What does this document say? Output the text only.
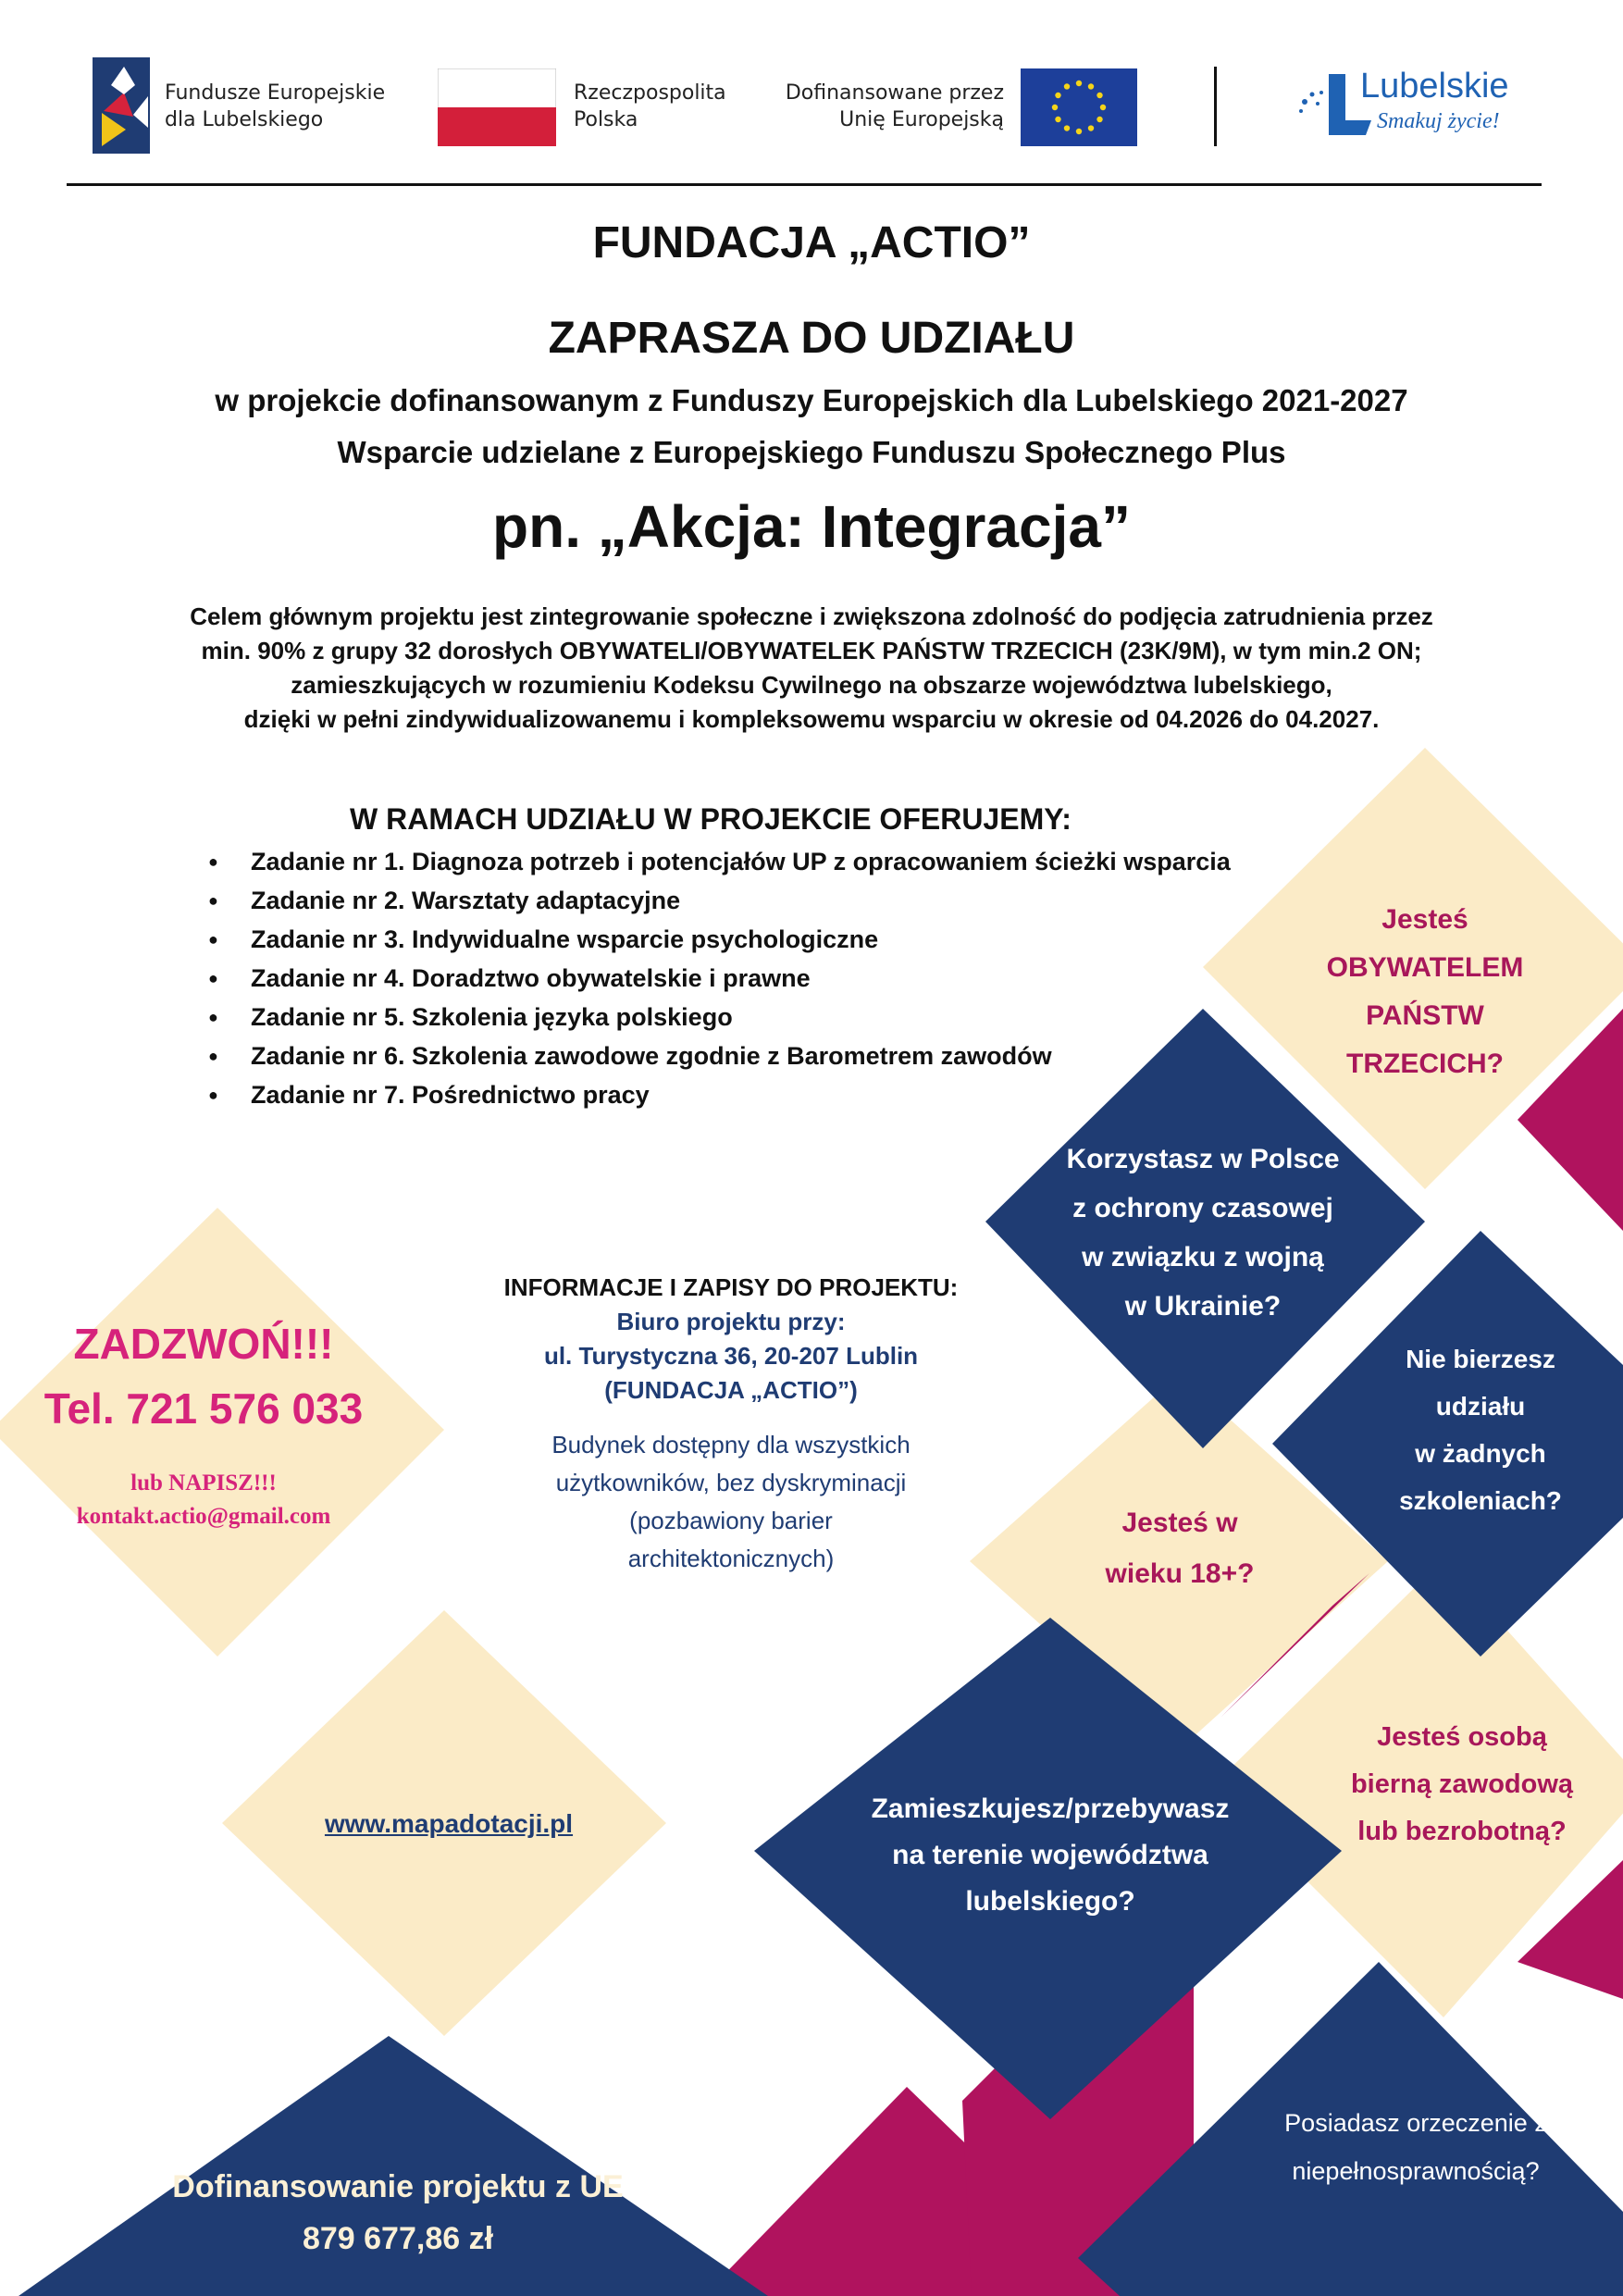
Fundusze Europejskie
dla Lubelskiego
Rzeczpospolita
Polska
Dofinansowane przez
Unię Europejską
Lubelskie
Smakuj życie!
FUNDACJA „ACTIO”
ZAPRASZA DO UDZIAŁU
w projekcie dofinansowanym z Funduszy Europejskich dla Lubelskiego 2021-2027
Wsparcie udzielane z Europejskiego Funduszu Społecznego Plus
pn. „Akcja: Integracja”

Celem głównym projektu jest zintegrowanie społeczne i zwiększona zdolność do podjęcia zatrudnienia przez

min. 90% z grupy 32 dorosłych OBYWATELI/OBYWATELEK PAŃSTW TRZECICH (23K/9M), w tym min.2 ON;

zamieszkujących w rozumieniu Kodeksu Cywilnego na obszarze województwa lubelskiego,

dzięki w pełni zindywidualizowanemu i kompleksowemu wsparciu w okresie od 04.2026 do 04.2027.

W RAMACH UDZIAŁU W PROJEKCIE OFERUJEMY:
● Zadanie nr 1. Diagnoza potrzeb i potencjałów UP z opracowaniem ścieżki wsparcia
● Zadanie nr 2. Warsztaty adaptacyjne
● Zadanie nr 3. Indywidualne wsparcie psychologiczne
● Zadanie nr 4. Doradztwo obywatelskie i prawne
● Zadanie nr 5. Szkolenia języka polskiego
● Zadanie nr 6. Szkolenia zawodowe zgodnie z Barometrem zawodów
● Zadanie nr 7. Pośrednictwo pracy
Jesteś
OBYWATELEM
PAŃSTW
TRZECICH?
Korzystasz w Polsce
z ochrony czasowej
w związku z wojną
w Ukrainie?
Nie bierzesz
udziału
w żadnych
szkoleniach?
Jesteś w
wieku 18+?
Jesteś osobą
bierną zawodową
lub bezrobotną?
Zamieszkujesz/przebywasz
na terenie województwa
lubelskiego?
Posiadasz orzeczenie z
niepełnosprawnością?
ZADZWOŃ!!!
Tel. 721 576 033
lub NAPISZ!!!
kontakt.actio@gmail.com
INFORMACJE I ZAPISY DO PROJEKTU:
Biuro projektu przy:
ul. Turystyczna 36, 20-207 Lublin
(FUNDACJA „ACTIO”)
Budynek dostępny dla wszystkich
użytkowników, bez dyskryminacji
(pozbawiony barier
architektonicznych)
www.mapadotacji.pl
Dofinansowanie projektu z UE
879 677,86 zł
